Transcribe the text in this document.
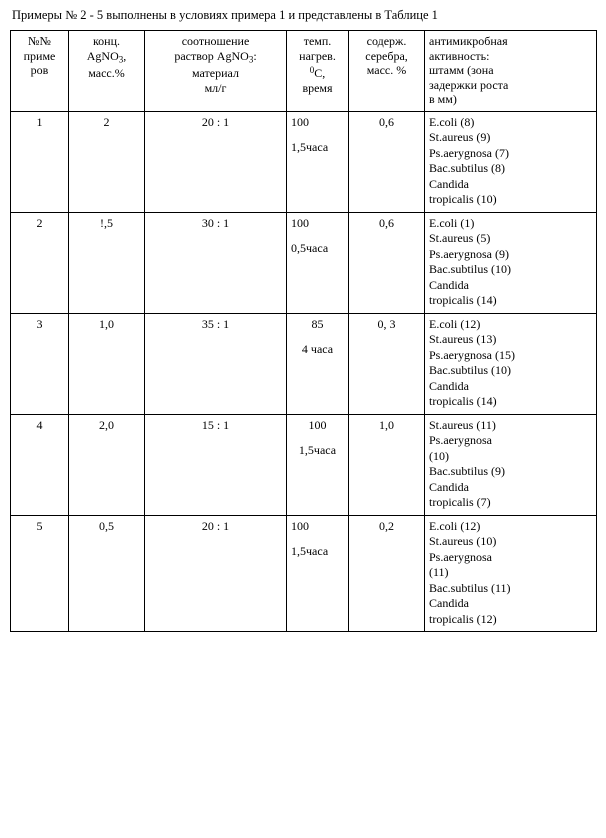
Примеры № 2 - 5 выполнены в условиях примера 1 и представлены в Таблице 1

№№
приме
ров	конц.
AgNO$_3$,
масс.%	соотношение
раствор AgNO$_3$:
материал
мл/г	темп.
нагрев.
$^0$С,
время	содерж.
серебра,
масс. %	антимикробная
активность:
штамм (зона
задержки роста
в мм)

1	2	20 : 1	100
1,5часа
	0,6	E.coli (8)
St.aureus (9)
Ps.aerygnosa (7)
Bac.subtilus (8)
Candida
tropicalis (10)

2	!,5	30 : 1	100
0,5часа
	0,6	E.coli (1)
St.aureus (5)
Ps.aerygnosa (9)
Bac.subtilus (10)
Candida
tropicalis (14)

3	1,0	35 : 1	85
4 часа
	0, 3	E.coli (12)
St.aureus (13)
Ps.aerygnosa (15)
Bac.subtilus (10)
Candida
tropicalis (14)

4	2,0	15 : 1	100
1,5часа
	1,0	St.aureus (11)
Ps.aerygnosa
(10)
Bac.subtilus (9)
Candida
tropicalis (7)

5	0,5	20 : 1	100
1,5часа
	0,2	E.coli (12)
St.aureus (10)
Ps.aerygnosa
(11)
Bac.subtilus (11)
Candida
tropicalis (12)
